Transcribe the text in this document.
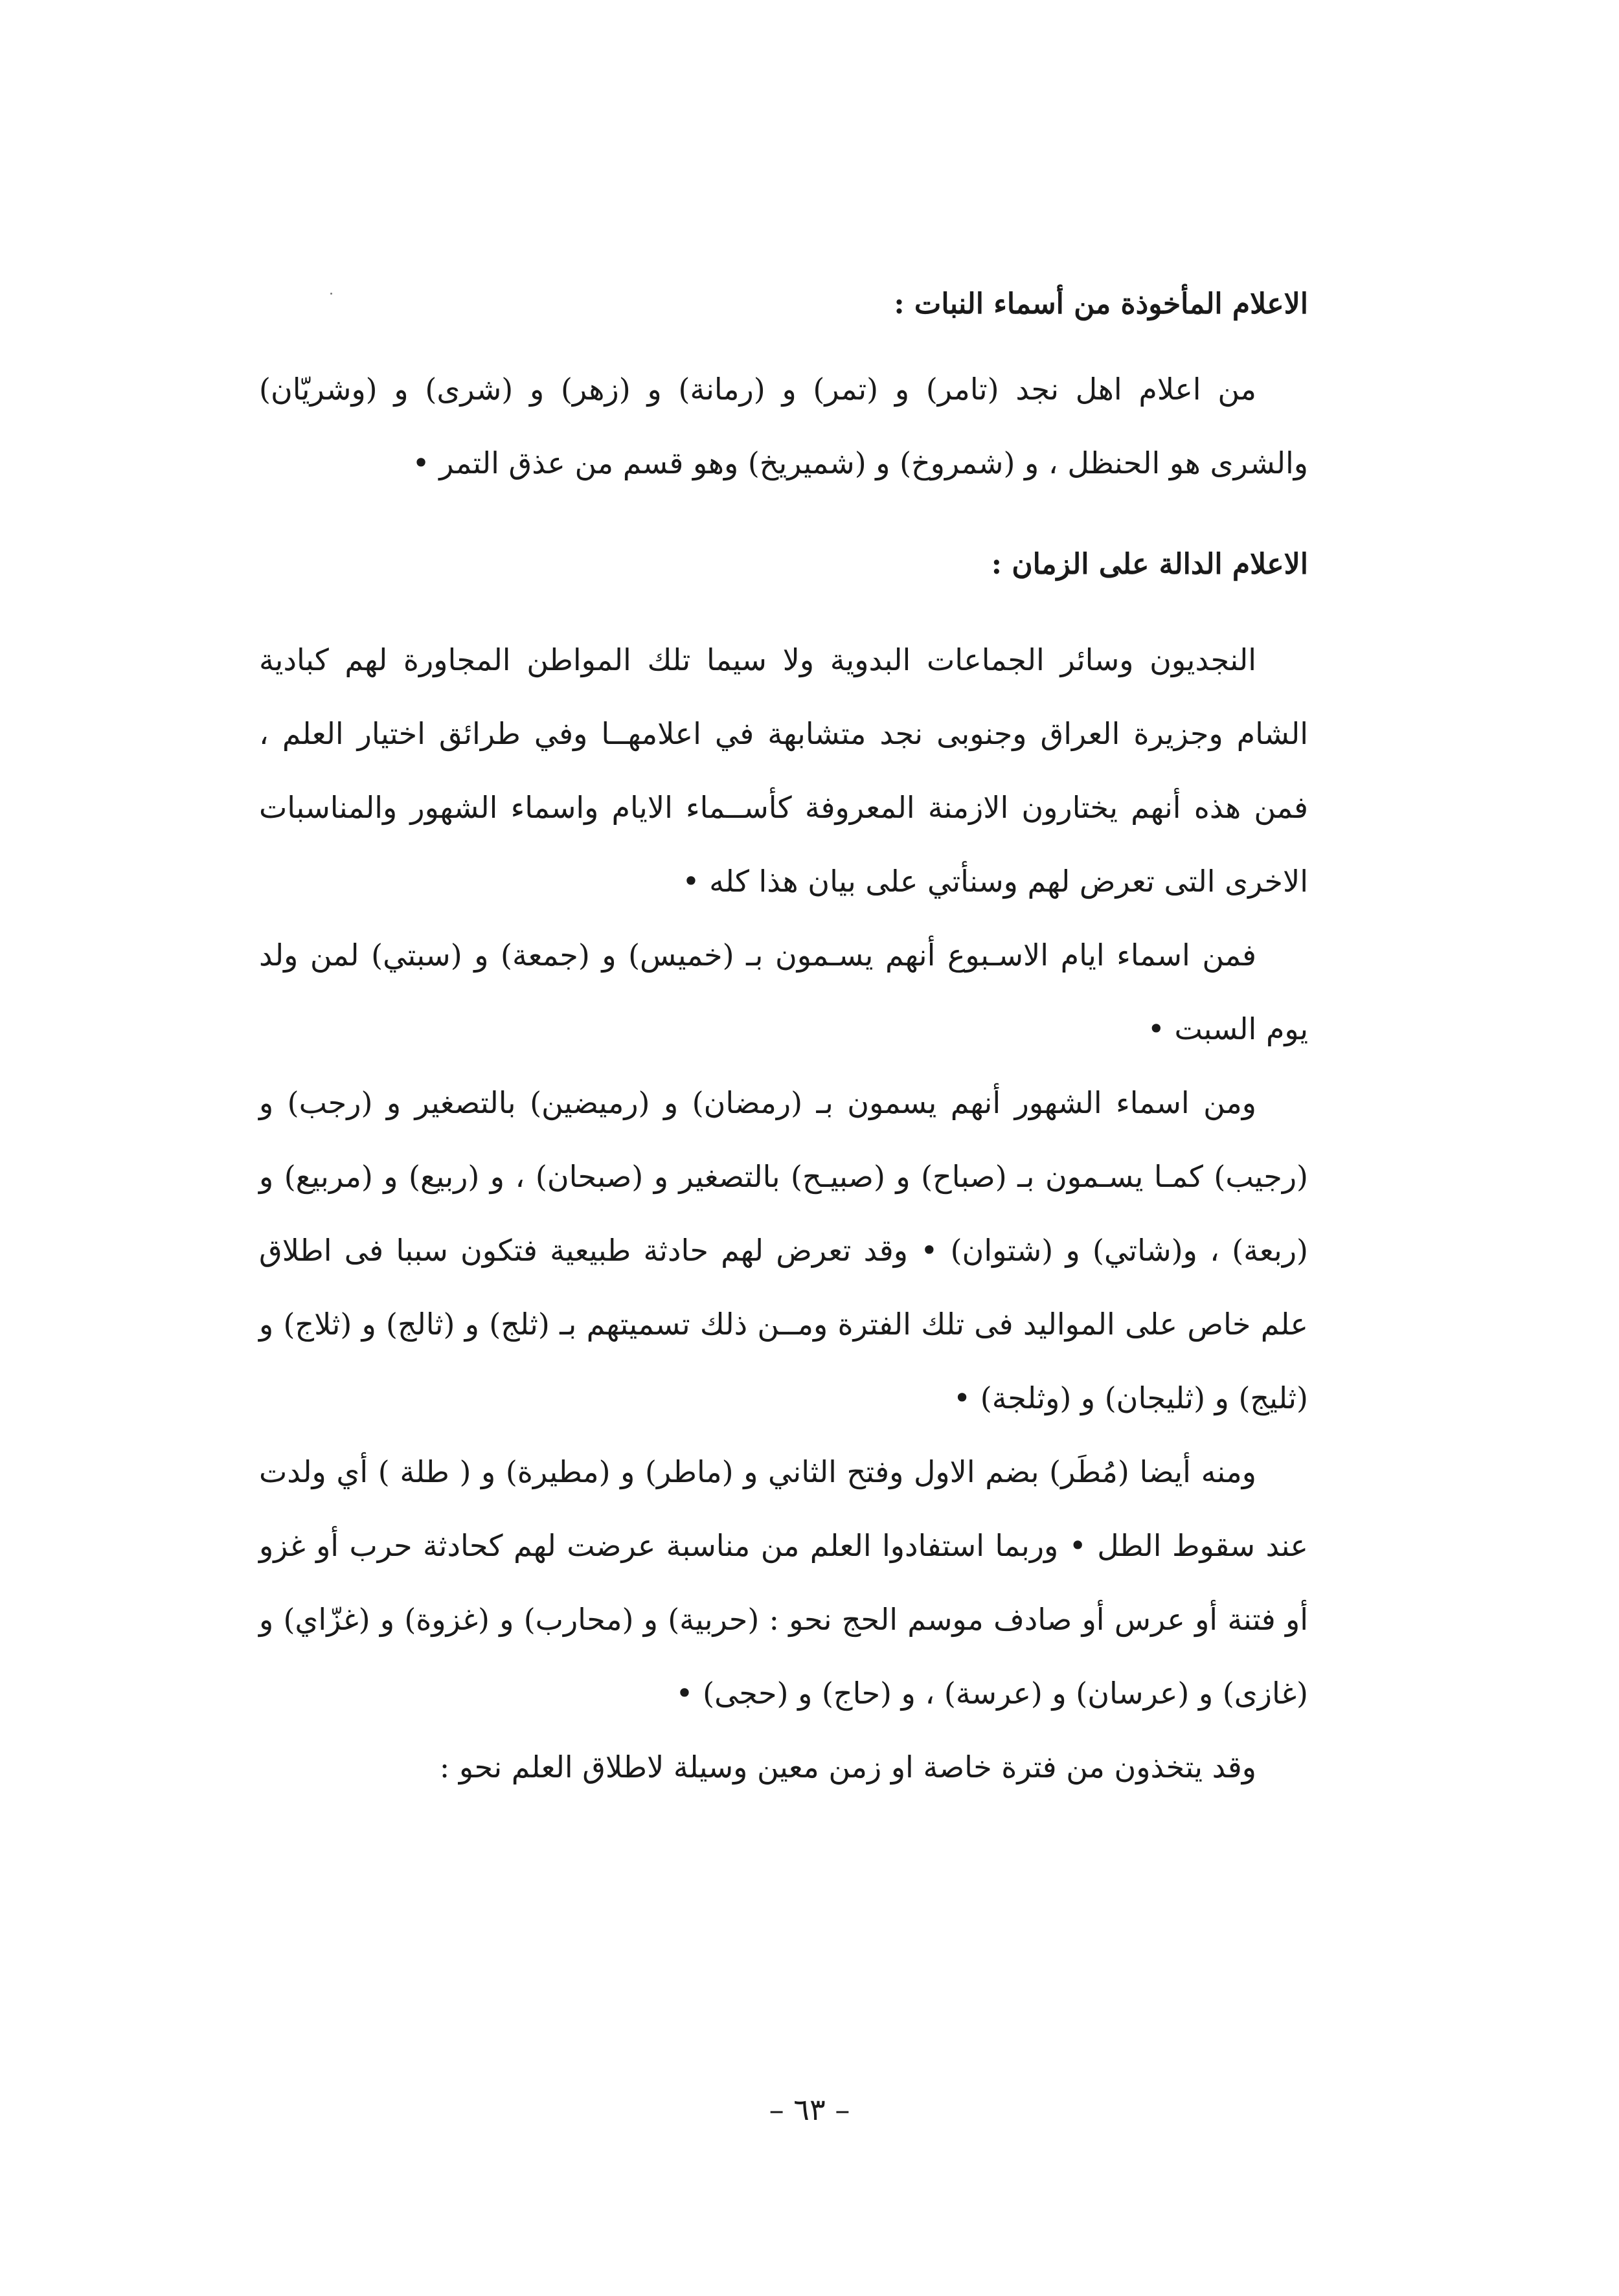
الاعلام المأخوذة من أسماء النبات :

من اعلام اهل نجد (تامر) و (تمر) و (رمانة) و (زهر) و (شرى) و (وشريّان) والشرى هو الحنظل ، و (شمروخ) و (شميريخ) وهو قسم من عذق التمر •

الاعلام الدالة على الزمان :

النجديون وسائر الجماعات البدوية ولا سيما تلك المواطن المجاورة لهم كبادية الشام وجزيرة العراق وجنوبى نجد متشابهة في اعلامهــا وفي طرائق اختيار العلم ، فمن هذه أنهم يختارون الازمنة المعروفة كأســماء الايام واسماء الشهور والمناسبات الاخرى التى تعرض لهم وسنأتي على بيان هذا كله •

فمن اسماء ايام الاسـبوع أنهم يسـمون بـ (خميس) و (جمعة) و (سبتي) لمن ولد يوم السبت •

ومن اسماء الشهور أنهم يسمون بـ (رمضان) و (رميضين) بالتصغير و (رجب) و (رجيب) كمـا يسـمون بـ (صباح) و (صبيـح) بالتصغير و (صبحان) ، و (ربيع) و (مربيع) و (ربعة) ، و(شاتي) و (شتوان) • وقد تعرض لهم حادثة طبيعية فتكون سببا فى اطلاق علم خاص على المواليد فى تلك الفترة ومــن ذلك تسميتهم بـ (ثلج) و (ثالج) و (ثلاج) و (ثليج) و (ثليجان) و (وثلجة) •

ومنه أيضا (مُطَر) بضم الاول وفتح الثاني و (ماطر) و (مطيرة) و ( طلة ) أي ولدت عند سقوط الطل • وربما استفادوا العلم من مناسبة عرضت لهم كحادثة حرب أو غزو أو فتنة أو عرس أو صادف موسم الحج نحو : (حربية) و (محارب) و (غزوة) و (غزّاي) و (غازى) و (عرسان) و (عرسة) ، و (حاج) و (حجى) •

وقد يتخذون من فترة خاصة او زمن معين وسيلة لاطلاق العلم نحو :

– ٦٣ –
